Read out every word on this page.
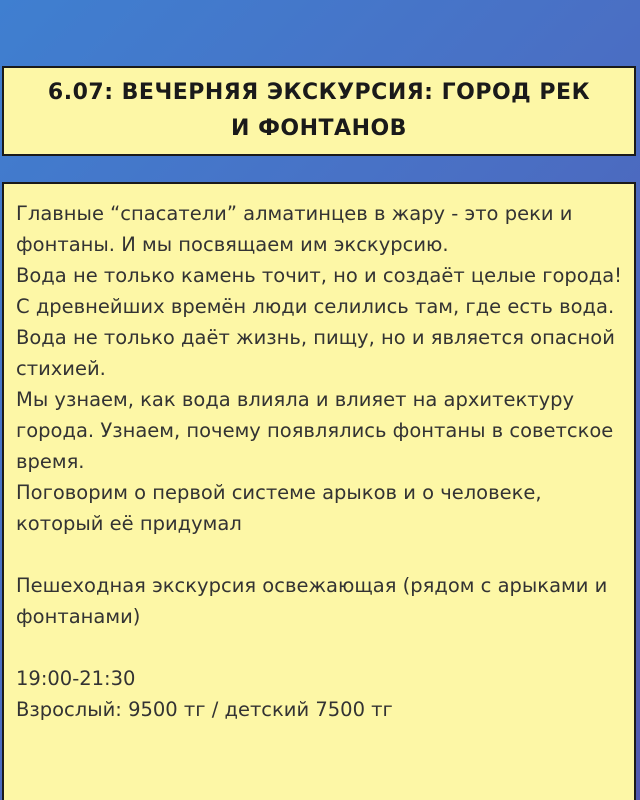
6.07: ВЕЧЕРНЯЯ ЭКСКУРСИЯ: ГОРОД РЕК И ФОНТАНОВ

Главные “спасатели” алматинцев в жару - это реки и фонтаны. И мы посвящаем им экскурсию.

Вода не только камень точит, но и создаёт целые города!

С древнейших времён люди селились там, где есть вода. Вода не только даёт жизнь, пищу, но и является опасной стихией.

Мы узнаем, как вода влияла и влияет на архитектуру города. Узнаем, почему появлялись фонтаны в советское время.

Поговорим о первой системе арыков и о человеке, который её придумал

Пешеходная экскурсия освежающая (рядом с арыками и фонтанами)

19:00-21:30

Взрослый: 9500 тг / детский 7500 тг
